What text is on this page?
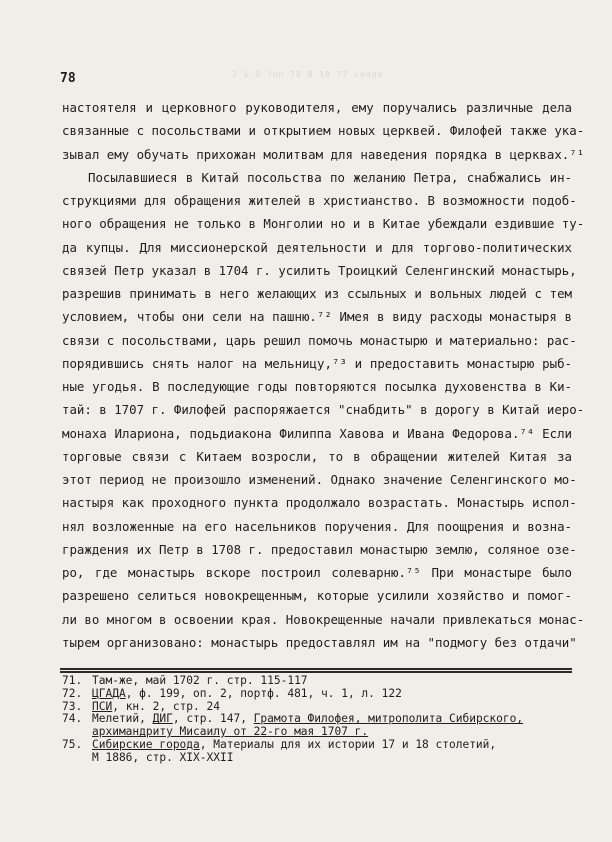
2 & 9 Jun 78 B 19 77 Ledge
78
настоятеля и церковного руководителя, ему поручались различные дела
связанные с посольствами и открытием новых церквей. Филофей также ука-
зывал ему обучать прихожан молитвам для наведения порядка в церквах.⁷¹
Посылавшиеся в Китай посольства по желанию Петра, снабжались ин-
струкциями для обращения жителей в христианство. В возможности подоб-
ного обращения не только в Монголии но и в Китае убеждали ездившие ту-
да купцы. Для миссионерской деятельности и для торгово-политических
связей Петр указал в 1704 г. усилить Троицкий Селенгинский монастырь,
разрешив принимать в него желающих из ссыльных и вольных людей с тем
условием, чтобы они сели на пашню.⁷² Имея в виду расходы монастыря в
связи с посольствами, царь решил помочь монастырю и материально: рас-
порядившись снять налог на мельницу,⁷³ и предоставить монастырю рыб-
ные угодья. В последующие годы повторяются посылка духовенства в Ки-
тай: в 1707 г. Филофей распоряжается "снабдить" в дорогу в Китай иеро-
монаха Илариона, подьдиакона Филиппа Хавова и Ивана Федорова.⁷⁴ Если
торговые связи с Китаем возросли, то в обращении жителей Китая за
этот период не произошло изменений. Однако значение Селенгинского мо-
настыря как проходного пункта продолжало возрастать. Монастырь испол-
нял возложенные на его насельников поручения. Для поощрения и возна-
граждения их Петр в 1708 г. предоставил монастырю землю, соляное озе-
ро, где монастырь вскоре построил солеварню.⁷⁵ При монастыре было
разрешено селиться новокрещенным, которые усилили хозяйство и помог-
ли во многом в освоении края. Новокрещенные начали привлекаться монас-
тырем организовано: монастырь предоставлял им на "подмогу без отдачи"
71. Там-же, май 1702 г. стр. 115-117
72. ЦГАДА, ф. 199, оп. 2, портф. 481, ч. 1, л. 122
73. ПСИ, кн. 2, стр. 24
74. Мелетий, ДИГ, стр. 147, Грамота Филофея, митрополита Сибирского,
архимандриту Мисаилу от 22-го мая 1707 г.
75. Сибирские города, Материалы для их истории 17 и 18 столетий,
М 1886, стр. XIX-XXII
